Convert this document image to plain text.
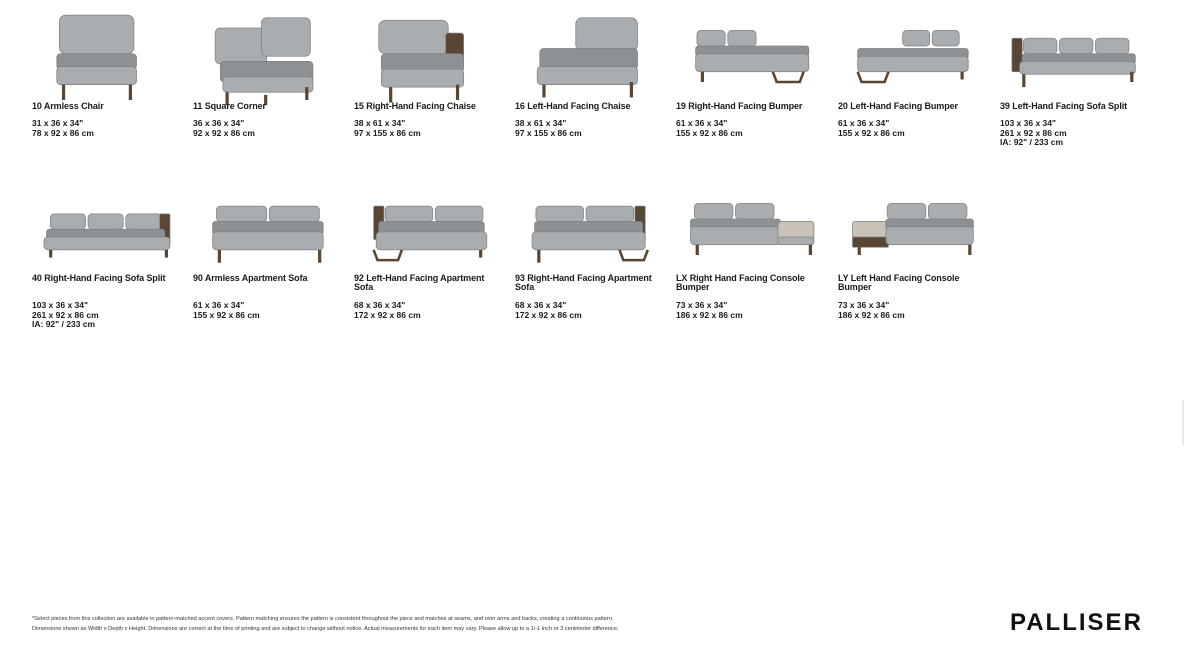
10 Armless Chair
31 x 36 x 34"
78 x 92 x 86 cm
11 Square Corner
36 x 36 x 34"
92 x 92 x 86 cm
15 Right-Hand Facing Chaise
38 x 61 x 34"
97 x 155 x 86 cm
16 Left-Hand Facing Chaise
38 x 61 x 34"
97 x 155 x 86 cm
19 Right-Hand Facing Bumper
61 x 36 x 34"
155 x 92 x 86 cm
20 Left-Hand Facing Bumper
61 x 36 x 34"
155 x 92 x 86 cm
39 Left-Hand Facing Sofa Split
103 x 36 x 34"
261 x 92 x 86 cm
IA: 92" / 233 cm
40 Right-Hand Facing Sofa Split
103 x 36 x 34"
261 x 92 x 86 cm
IA: 92" / 233 cm
90 Armless Apartment Sofa
61 x 36 x 34"
155 x 92 x 86 cm
92 Left-Hand Facing Apartment Sofa
68 x 36 x 34"
172 x 92 x 86 cm
93 Right-Hand Facing Apartment Sofa
68 x 36 x 34"
172 x 92 x 86 cm
LX Right Hand Facing Console Bumper
73 x 36 x 34"
186 x 92 x 86 cm
LY Left Hand Facing Console Bumper
73 x 36 x 34"
186 x 92 x 86 cm
*Select pieces from this collection are available in pattern-matched accent covers. Pattern matching ensures the pattern is consistent throughout the piece and matches at seams, and over arms and backs, creating a continuous pattern.
Dimensions shown as Width x Depth x Height. Dimensions are correct at the time of printing and are subject to change without notice. Actual measurements for each item may vary. Please allow up to a 1/-1 inch or 3 centimeter difference.	PALLISER
